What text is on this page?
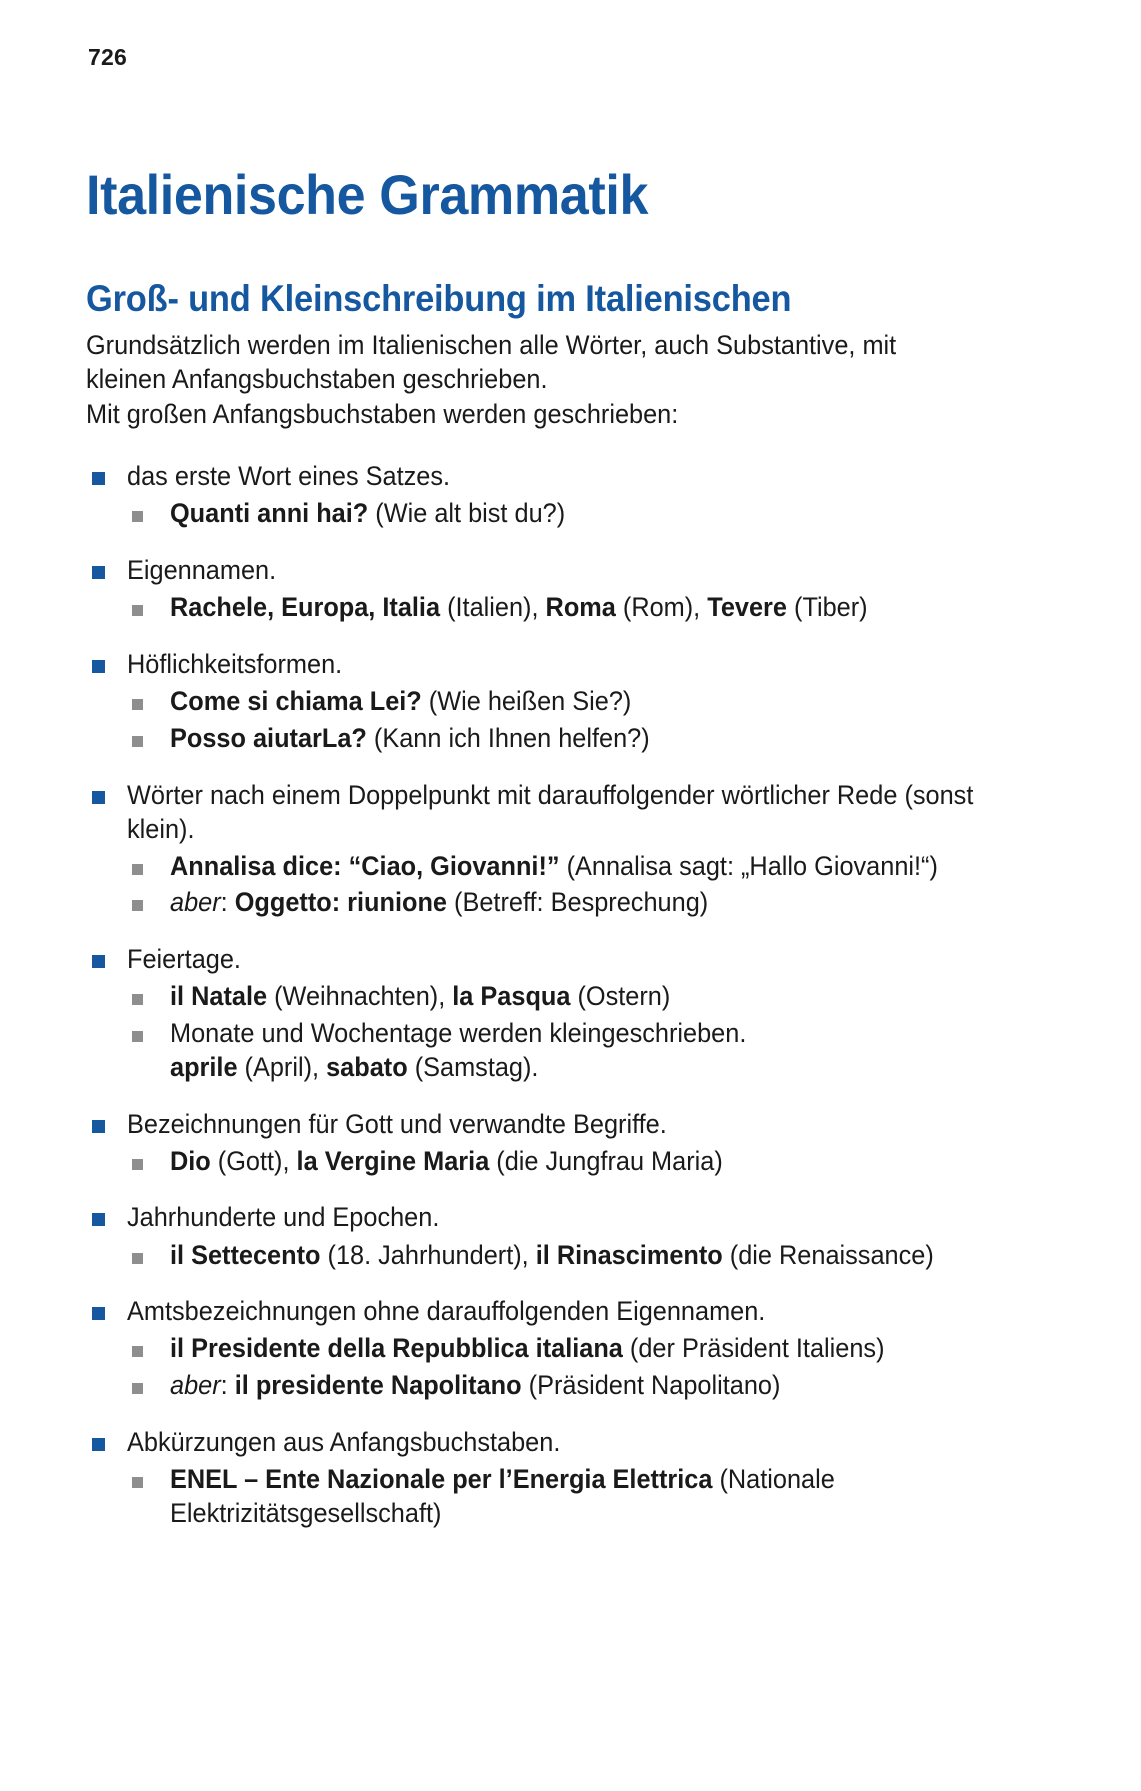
726
Italienische Grammatik
Groß- und Kleinschreibung im Italienischen

Grundsätzlich werden im Italienischen alle Wörter, auch Substantive, mit

kleinen Anfangsbuchstaben geschrieben.

Mit großen Anfangsbuchstaben werden geschrieben:

das erste Wort eines Satzes.
Quanti anni hai? (Wie alt bist du?)
Eigennamen.
Rachele, Europa, Italia (Italien), Roma (Rom), Tevere (Tiber)
Höflichkeitsformen.
Come si chiama Lei? (Wie heißen Sie?)
Posso aiutarLa? (Kann ich Ihnen helfen?)
Wörter nach einem Doppelpunkt mit darauffolgender wörtlicher Rede (sonst klein).
Annalisa dice: “Ciao, Giovanni!” (Annalisa sagt: „Hallo Giovanni!“)
aber: Oggetto: riunione (Betreff: Besprechung)
Feiertage.
il Natale (Weihnachten), la Pasqua (Ostern)
Monate und Wochentage werden kleingeschrieben.
aprile (April), sabato (Samstag).
Bezeichnungen für Gott und verwandte Begriffe.
Dio (Gott), la Vergine Maria (die Jungfrau Maria)
Jahrhunderte und Epochen.
il Settecento (18. Jahrhundert), il Rinascimento (die Renaissance)
Amtsbezeichnungen ohne darauffolgenden Eigennamen.
il Presidente della Repubblica italiana (der Präsident Italiens)
aber: il presidente Napolitano (Präsident Napolitano)
Abkürzungen aus Anfangsbuchstaben.
ENEL – Ente Nazionale per l’Energia Elettrica (Nationale Elektrizitätsgesellschaft)
